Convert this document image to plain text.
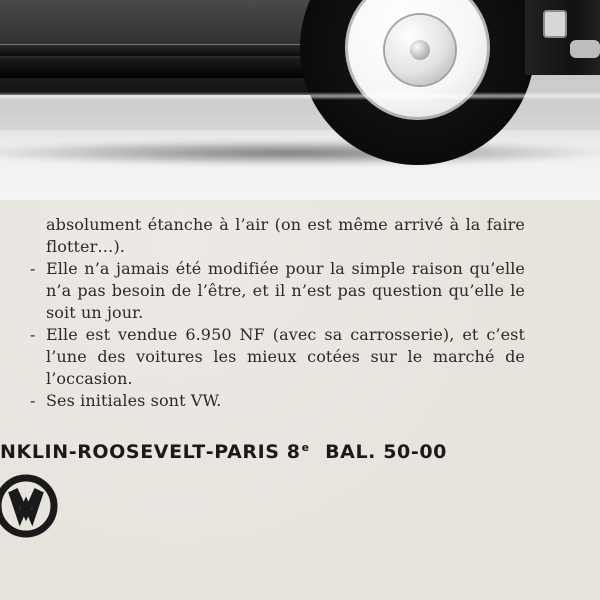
absolument étanche à l’air (on est même arrivé à la faire flotter…).

- Elle n’a jamais été modifiée pour la simple raison qu’elle n’a pas besoin de l’être, et il n’est pas question qu’elle le soit un jour.

- Elle est vendue 6.950 NF (avec sa carrosserie), et c’est l’une des voitures les mieux cotées sur le marché de l’occasion.

- Ses initiales sont VW.

NKLIN-ROOSEVELT-PARIS 8e BAL. 50-00
